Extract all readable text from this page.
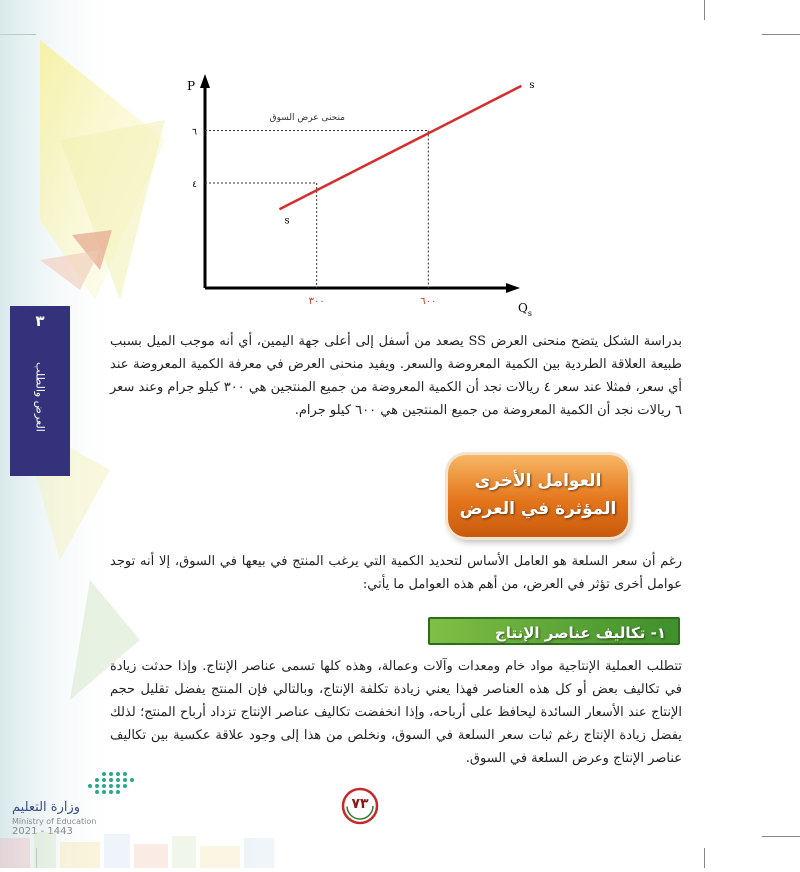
٣
العرض والطلب
P
$Q_s$
٣٠٠
٤
٦٠٠
٦
s
s
منحنى عرض السوق
بدراسة الشكل يتضح منحنى العرض SS يصعد من أسفل إلى أعلى جهة اليمين، أي أنه موجب الميل بسبب طبيعة العلاقة الطردية بين الكمية المعروضة والسعر. ويفيد منحنى العرض في معرفة الكمية المعروضة عند أي سعر، فمثلا عند سعر ٤ ريالات نجد أن الكمية المعروضة من جميع المنتجين هي ٣٠٠ كيلو جرام وعند سعر ٦ ريالات نجد أن الكمية المعروضة من جميع المنتجين هي ٦٠٠ كيلو جرام.
العوامل الأخرى
المؤثرة في العرض
رغم أن سعر السلعة هو العامل الأساس لتحديد الكمية التي يرغب المنتج في بيعها في السوق، إلا أنه توجد عوامل أخرى تؤثر في العرض، من أهم هذه العوامل ما يأتي:
١- تكاليف عناصر الإنتاج
تتطلب العملية الإنتاجية مواد خام ومعدات وآلات وعمالة، وهذه كلها تسمى عناصر الإنتاج. وإذا حدثت زيادة في تكاليف بعض أو كل هذه العناصر فهذا يعني زيادة تكلفة الإنتاج، وبالتالي فإن المنتج يفضل تقليل حجم الإنتاج عند الأسعار السائدة ليحافظ على أرباحه، وإذا انخفضت تكاليف عناصر الإنتاج تزداد أرباح المنتج؛ لذلك يفضل زيادة الإنتاج رغم ثبات سعر السلعة في السوق، ونخلص من هذا إلى وجود علاقة عكسية بين تكاليف عناصر الإنتاج وعرض السلعة في السوق.
وزارة التعليم
Ministry of Education
2021 - 1443
٧٣
